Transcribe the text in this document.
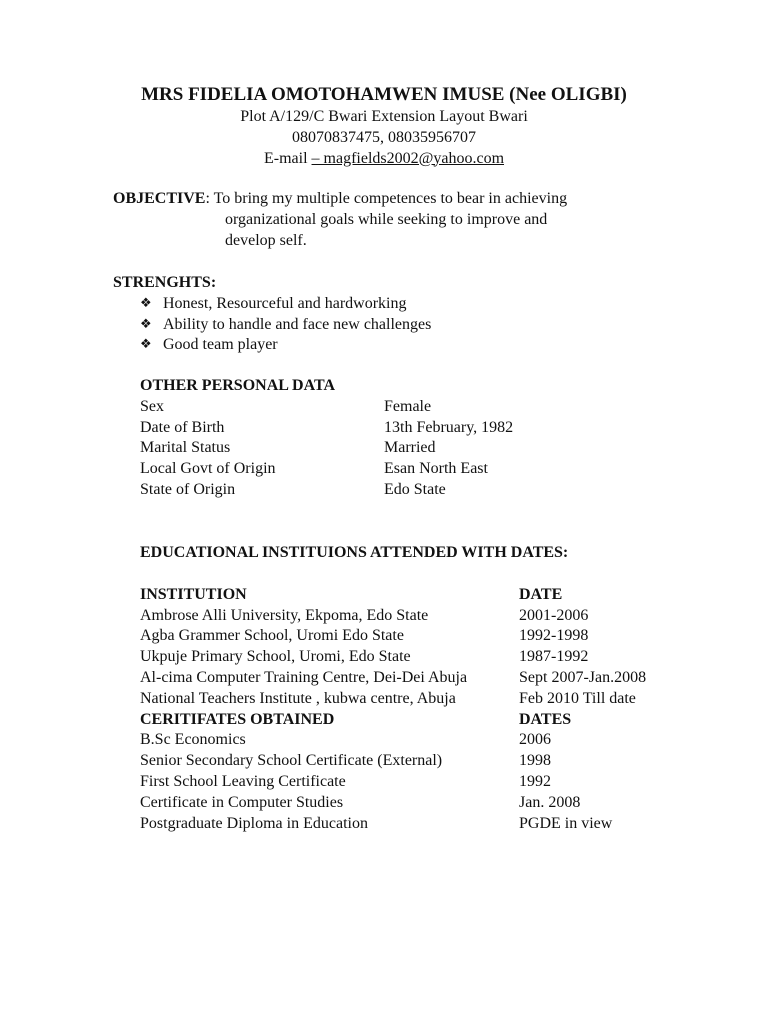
MRS FIDELIA OMOTOHAMWEN IMUSE (Nee OLIGBI)
Plot A/129/C Bwari Extension Layout Bwari
08070837475, 08035956707
E-mail – magfields2002@yahoo.com
OBJECTIVE: To bring my multiple competences to bear in achieving
organizational goals while seeking to improve and
develop self.
STRENGHTS:
❖ Honest, Resourceful and hardworking
❖ Ability to handle and face new challenges
❖ Good team player
OTHER PERSONAL DATA
Sex	Female
Date of Birth	13th February, 1982
Marital Status	Married
Local Govt of Origin	Esan North East
State of Origin	Edo State
EDUCATIONAL INSTITUIONS ATTENDED WITH DATES:
INSTITUTION	DATE
Ambrose Alli University, Ekpoma, Edo State	2001-2006
Agba Grammer School, Uromi Edo State	1992-1998
Ukpuje Primary School, Uromi, Edo State	1987-1992
Al-cima Computer Training Centre, Dei-Dei Abuja	Sept 2007-Jan.2008
National Teachers Institute , kubwa centre, Abuja	Feb 2010 Till date
CERITIFATES OBTAINED	DATES
B.Sc Economics	2006
Senior Secondary School Certificate (External)	1998
First School Leaving Certificate	1992
Certificate in Computer Studies	Jan. 2008
Postgraduate Diploma in Education	PGDE in view
